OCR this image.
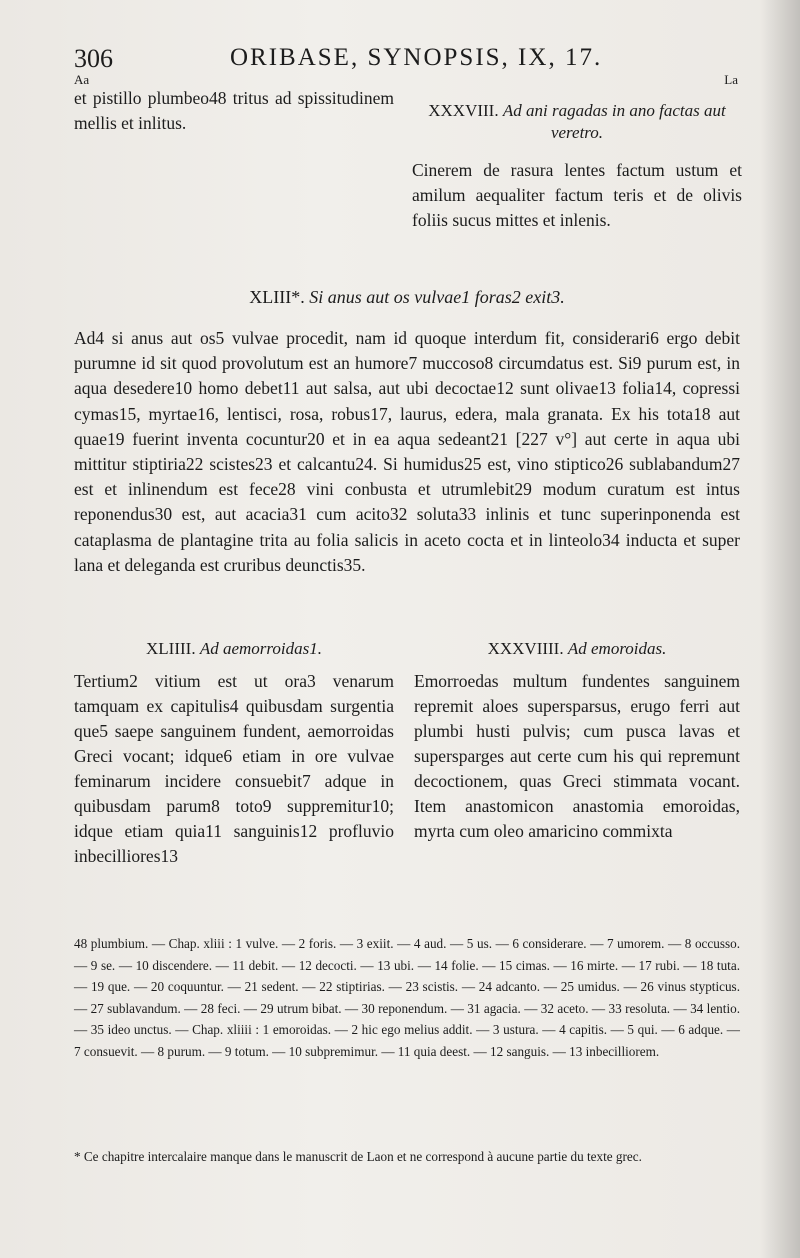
306	ORIBASE, SYNOPSIS, IX, 17.
Aa	La
et pistillo plumbeo48 tritus ad spissitudinem mellis et inlitus.
XXXVIII. Ad ani ragadas in ano factas aut veretro.
Cinerem de rasura lentes factum ustum et amilum aequaliter factum teris et de olivis foliis sucus mittes et inlenis.
XLIII*. Si anus aut os vulvae1 foras2 exit3.
Ad4 si anus aut os5 vulvae procedit, nam id quoque interdum fit, considerari6 ergo debit purumne id sit quod provolutum est an humore7 muccoso8 circumdatus est. Si9 purum est, in aqua desedere10 homo debet11 aut salsa, aut ubi decoctae12 sunt olivae13 folia14, copressi cymas15, myrtae16, lentisci, rosa, robus17, laurus, edera, mala granata. Ex his tota18 aut quae19 fuerint inventa cocuntur20 et in ea aqua sedeant21 [227 v°] aut certe in aqua ubi mittitur stiptiria22 scistes23 et calcantu24. Si humidus25 est, vino stiptico26 sublabandum27 est et inlinendum est fece28 vini conbusta et utrumlebit29 modum curatum est intus reponendus30 est, aut acacia31 cum acito32 soluta33 inlinis et tunc superinponenda est cataplasma de plantagine trita au folia salicis in aceto cocta et in linteolo34 inducta et super lana et deleganda est cruribus deunctis35.
XLIIII. Ad aemorroidas1.
Tertium2 vitium est ut ora3 venarum tamquam ex capitulis4 quibusdam surgentia que5 saepe sanguinem fundent, aemorroidas Greci vocant; idque6 etiam in ore vulvae feminarum incidere consuebit7 adque in quibusdam parum8 toto9 suppremitur10; idque etiam quia11 sanguinis12 profluvio inbecilliores13
XXXVIIII. Ad emoroidas.
Emorroedas multum fundentes sanguinem repremit aloes supersparsus, erugo ferri aut plumbi husti pulvis; cum pusca lavas et supersparges aut certe cum his qui repremunt decoctionem, quas Greci stimmata vocant. Item anastomicon anastomia emoroidas, myrta cum oleo amaricino commixta
48 plumbium. — Chap. xliii : 1 vulve. — 2 foris. — 3 exiit. — 4 aud. — 5 us. — 6 considerare. — 7 umorem. — 8 occusso. — 9 se. — 10 discendere. — 11 debit. — 12 decocti. — 13 ubi. — 14 folie. — 15 cimas. — 16 mirte. — 17 rubi. — 18 tuta. — 19 que. — 20 coquuntur. — 21 sedent. — 22 stiptirias. — 23 scistis. — 24 adcanto. — 25 umidus. — 26 vinus stypticus. — 27 sublavandum. — 28 feci. — 29 utrum bibat. — 30 reponendum. — 31 agacia. — 32 aceto. — 33 resoluta. — 34 lentio. — 35 ideo unctus. — Chap. xliiii : 1 emoroidas. — 2 hic ego melius addit. — 3 ustura. — 4 capitis. — 5 qui. — 6 adque. — 7 consuevit. — 8 purum. — 9 totum. — 10 subpremimur. — 11 quia deest. — 12 sanguis. — 13 inbecilliorem.
* Ce chapitre intercalaire manque dans le manuscrit de Laon et ne correspond à aucune partie du texte grec.
